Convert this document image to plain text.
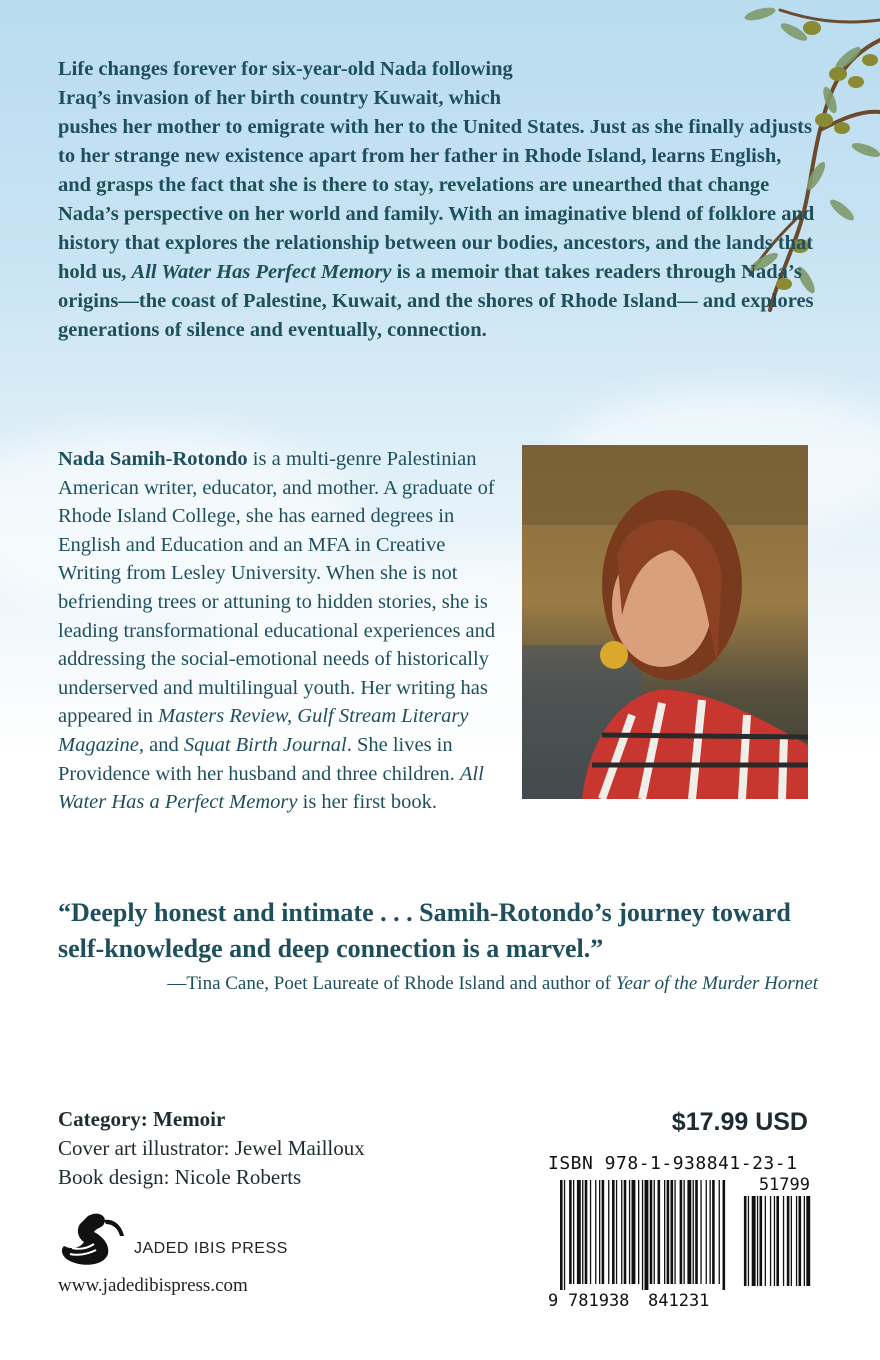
Life changes forever for six-year-old Nada following Iraq’s invasion of her birth country Kuwait, which
pushes her mother to emigrate with her to the United States. Just as she finally adjusts to her strange new existence apart from her father in Rhode Island, learns English, and grasps the fact that she is there to stay, revelations are unearthed that change Nada’s perspective on her world and family. With an imaginative blend of folklore and history that explores the relationship between our bodies, ancestors, and the lands that hold us, All Water Has Perfect Memory is a memoir that takes readers through Nada’s origins—the coast of Palestine, Kuwait, and the shores of Rhode Island— and explores generations of silence and eventually, connection.

Nada Samih-Rotondo is a multi-genre Palestinian American writer, educator, and mother. A graduate of Rhode Island College, she has earned degrees in English and Education and an MFA in Creative Writing from Lesley University. When she is not befriending trees or attuning to hidden stories, she is leading transformational educational experiences and addressing the social-emotional needs of historically underserved and multilingual youth. Her writing has appeared in Masters Review, Gulf Stream Literary Magazine, and Squat Birth Journal. She lives in Providence with her husband and three children. All Water Has a Perfect Memory is her first book.

“Deeply honest and intimate . . . Samih-Rotondo’s journey toward self-knowledge and deep connection is a marvel.”

—Tina Cane, Poet Laureate of Rhode Island and author of Year of the Murder Hornet
Category: Memoir
Cover art illustrator: Jewel Mailloux
Book design: Nicole Roberts
JADED IBIS PRESS
www.jadedibispress.com
$17.99 USD
ISBN 978-1-938841-23-1
51799
9 781938 841231
